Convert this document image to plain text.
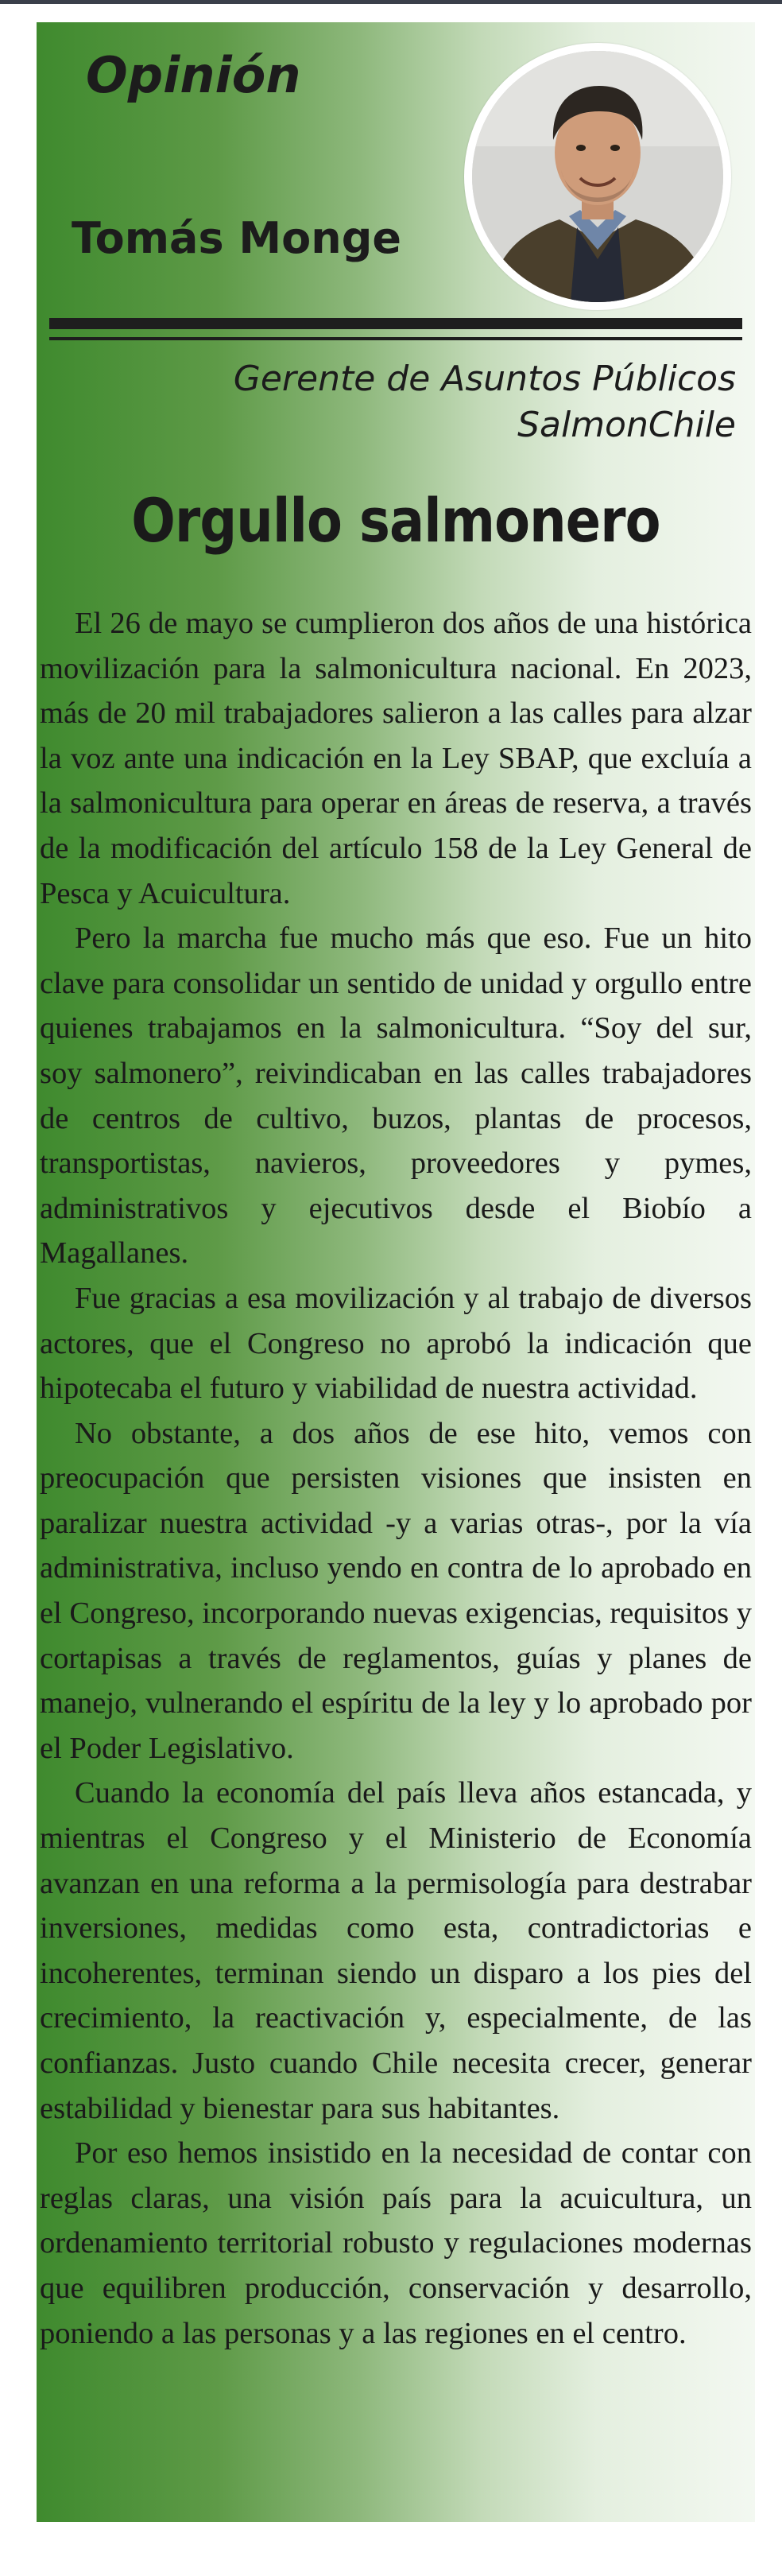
Opinión
Tomás Monge
Gerente de Asuntos Públicos
SalmonChile
Orgullo salmonero

El 26 de mayo se cumplieron dos años de una histórica movilización para la salmonicultura nacional. En 2023, más de 20 mil trabajadores salieron a las calles para alzar la voz ante una indicación en la Ley SBAP, que excluía a la salmonicultura para operar en áreas de reserva, a través de la modificación del artículo 158 de la Ley General de Pesca y Acuicultura.

Pero la marcha fue mucho más que eso. Fue un hito clave para consolidar un sentido de unidad y orgullo entre quienes trabajamos en la salmonicultura. “Soy del sur, soy salmonero”, reivindicaban en las calles trabajadores de centros de cultivo, buzos, plantas de procesos, transportistas, navieros, proveedores y pymes, administrativos y ejecutivos desde el Biobío a Magallanes.

Fue gracias a esa movilización y al trabajo de diversos actores, que el Congreso no aprobó la indicación que hipotecaba el futuro y viabilidad de nuestra actividad.

No obstante, a dos años de ese hito, vemos con preocupación que persisten visiones que insisten en paralizar nuestra actividad -y a varias otras-, por la vía administrativa, incluso yendo en contra de lo aprobado en el Congreso, incorporando nuevas exigencias, requisitos y cortapisas a través de reglamentos, guías y planes de manejo, vulnerando el espíritu de la ley y lo aprobado por el Poder Legislativo.

Cuando la economía del país lleva años estancada, y mientras el Congreso y el Ministerio de Economía avanzan en una reforma a la permisología para destrabar inversiones, medidas como esta, contradictorias e incoherentes, terminan siendo un disparo a los pies del crecimiento, la reactivación y, especialmente, de las confianzas. Justo cuando Chile necesita crecer, generar estabilidad y bienestar para sus habitantes.

Por eso hemos insistido en la necesidad de contar con reglas claras, una visión país para la acuicultura, un ordenamiento territorial robusto y regulaciones modernas que equilibren producción, conservación y desarrollo, poniendo a las personas y a las regiones en el centro.
